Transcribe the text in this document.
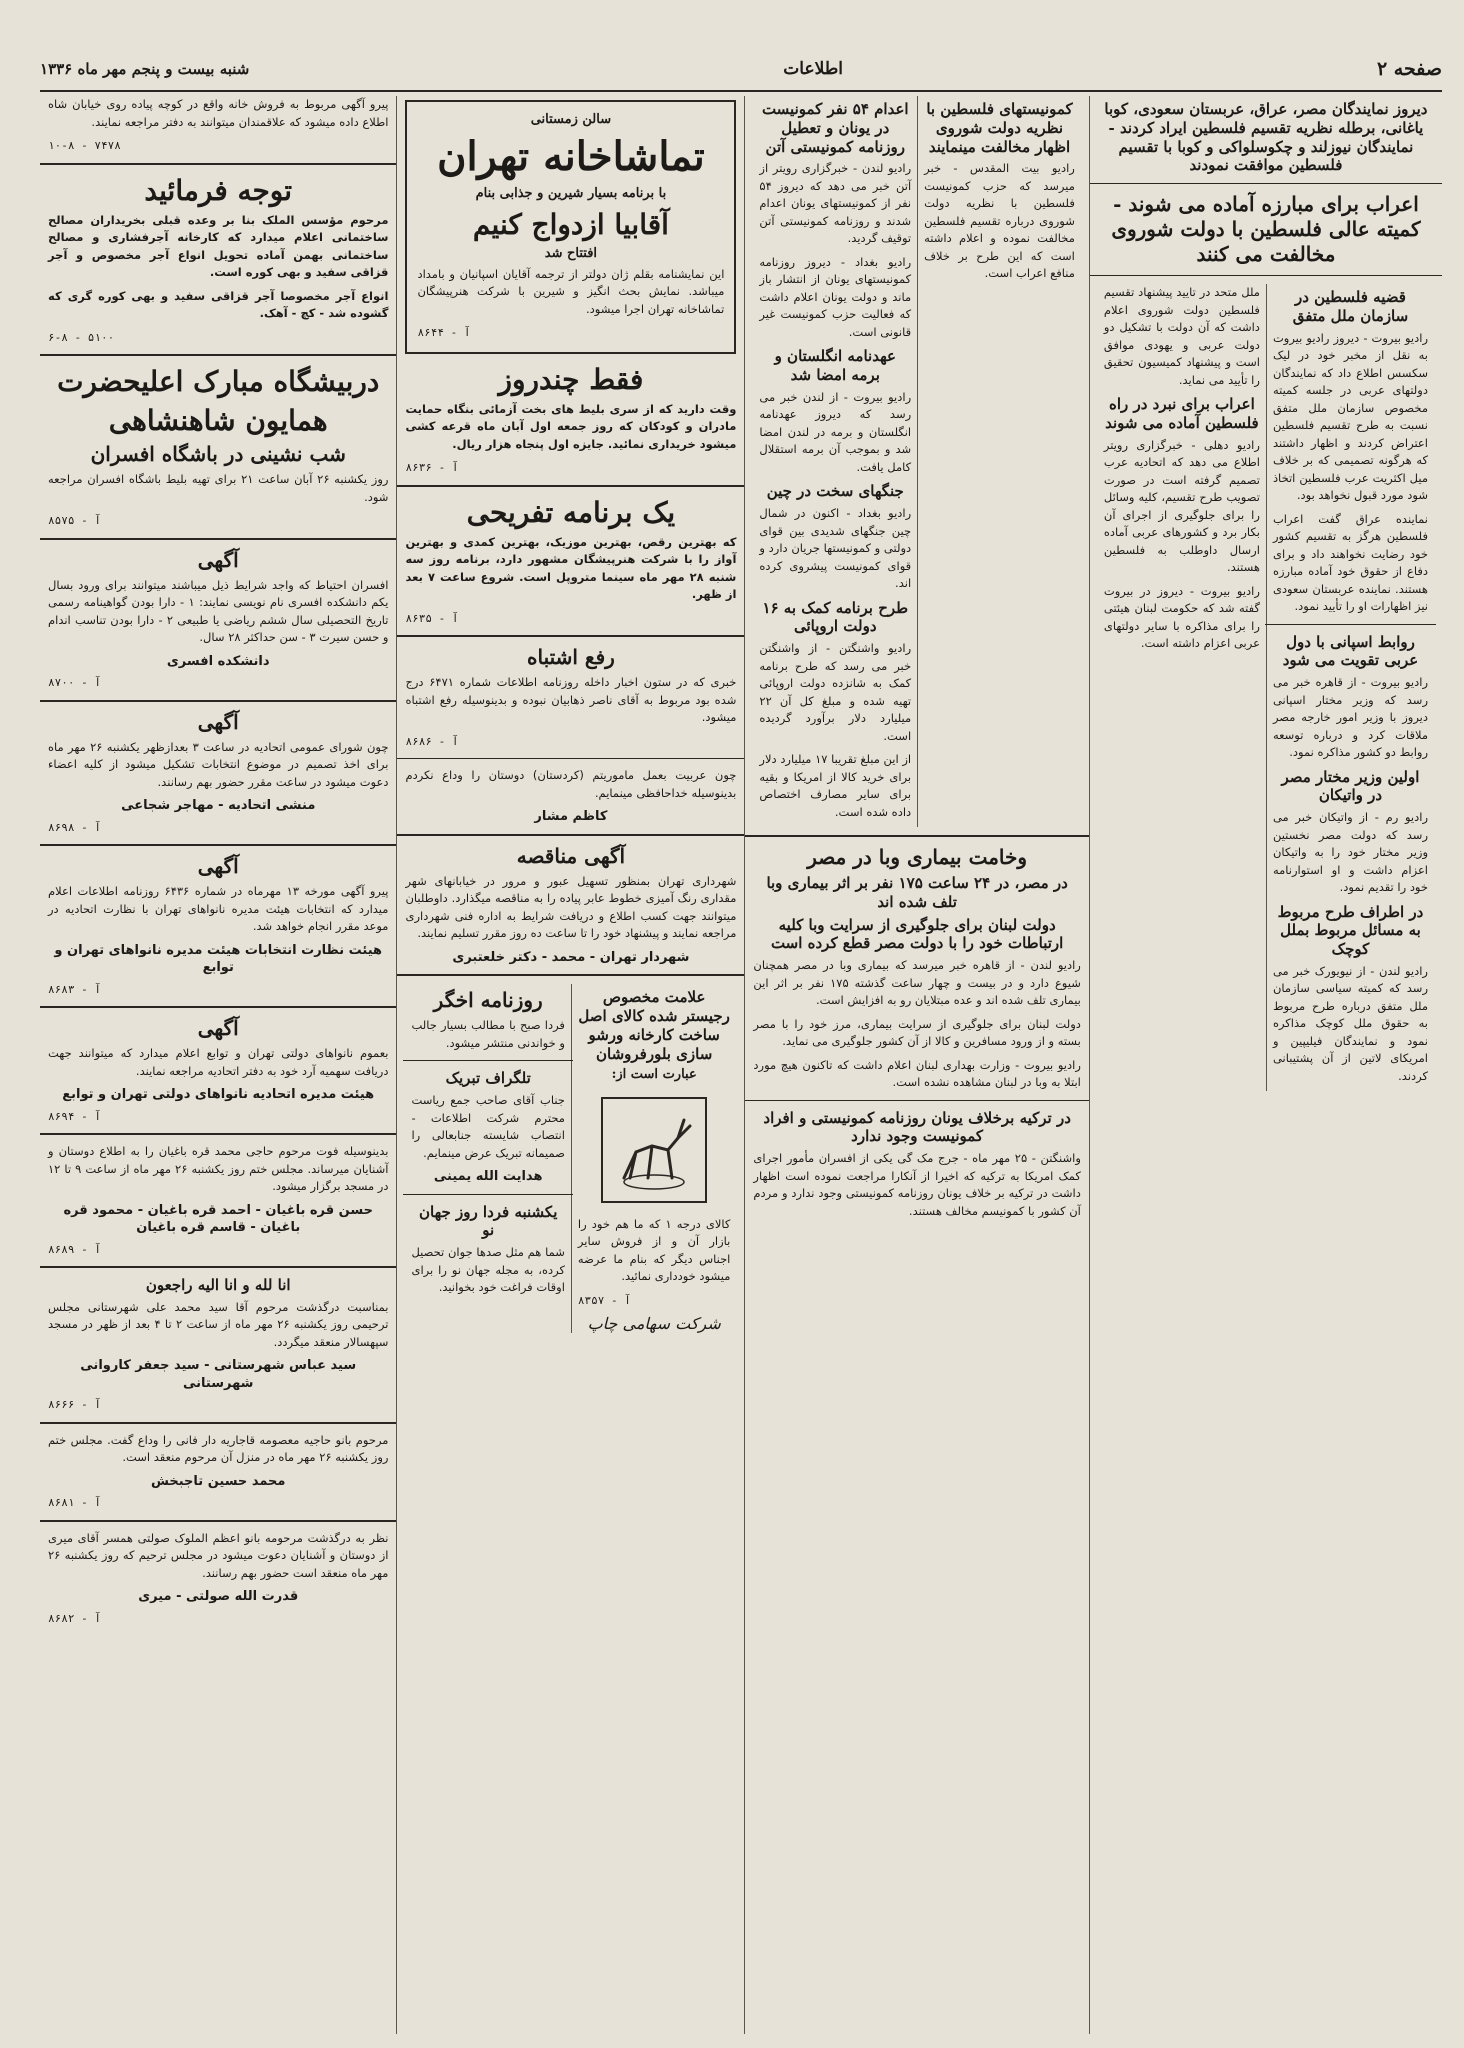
صفحه ۲
اطلاعات
شنبه بیست و پنجم مهر ماه ۱۳۳۶
دیروز نمایندگان مصر، عراق، عربستان سعودی، کوبا یاغانی، برطله نظریه تقسیم فلسطین ایراد کردند - نمایندگان نیوزلند و چکوسلواکی و کوبا با تقسیم فلسطین موافقت نمودند
اعراب برای مبارزه آماده می شوند - کمیته عالی فلسطین با دولت شوروی مخالفت می کنند
قضیه فلسطین در سازمان ملل متفق

رادیو بیروت - دیروز رادیو بیروت به نقل از مخبر خود در لیک سکسس اطلاع داد که نمایندگان دولتهای عربی در جلسه کمیته مخصوص سازمان ملل متفق نسبت به طرح تقسیم فلسطین اعتراض کردند و اظهار داشتند که هرگونه تصمیمی که بر خلاف میل اکثریت عرب فلسطین اتخاذ شود مورد قبول نخواهد بود.

نماینده عراق گفت اعراب فلسطین هرگز به تقسیم کشور خود رضایت نخواهند داد و برای دفاع از حقوق خود آماده مبارزه هستند. نماینده عربستان سعودی نیز اظهارات او را تأیید نمود.

روابط اسپانی با دول عربی تقویت می شود

رادیو بیروت - از قاهره خبر می رسد که وزیر مختار اسپانی دیروز با وزیر امور خارجه مصر ملاقات کرد و درباره توسعه روابط دو کشور مذاکره نمود.

اولین وزیر مختار مصر در واتیکان

رادیو رم - از واتیکان خبر می رسد که دولت مصر نخستین وزیر مختار خود را به واتیکان اعزام داشت و او استوارنامه خود را تقدیم نمود.

در اطراف طرح مربوط به مسائل مربوط بملل کوچک

رادیو لندن - از نیویورک خبر می رسد که کمیته سیاسی سازمان ملل متفق درباره طرح مربوط به حقوق ملل کوچک مذاکره نمود و نمایندگان فیلیپین و امریکای لاتین از آن پشتیبانی کردند.

ملل متحد در تایید پیشنهاد تقسیم فلسطین دولت شوروی اعلام داشت که آن دولت با تشکیل دو دولت عربی و یهودی موافق است و پیشنهاد کمیسیون تحقیق را تأیید می نماید.

اعراب برای نبرد در راه فلسطین آماده می شوند

رادیو دهلی - خبرگزاری رویتر اطلاع می دهد که اتحادیه عرب تصمیم گرفته است در صورت تصویب طرح تقسیم، کلیه وسائل را برای جلوگیری از اجرای آن بکار برد و کشورهای عربی آماده ارسال داوطلب به فلسطین هستند.

رادیو بیروت - دیروز در بیروت گفته شد که حکومت لبنان هیئتی را برای مذاکره با سایر دولتهای عربی اعزام داشته است.

کمونیستهای فلسطین با نظریه دولت شوروی اظهار مخالفت مینمایند

رادیو بیت المقدس - خبر میرسد که حزب کمونیست فلسطین با نظریه دولت شوروی درباره تقسیم فلسطین مخالفت نموده و اعلام داشته است که این طرح بر خلاف منافع اعراب است.

اعدام ۵۴ نفر کمونیست در یونان و تعطیل روزنامه کمونیستی آتن

رادیو لندن - خبرگزاری رویتر از آتن خبر می دهد که دیروز ۵۴ نفر از کمونیستهای یونان اعدام شدند و روزنامه کمونیستی آتن توقیف گردید.

رادیو بغداد - دیروز روزنامه کمونیستهای یونان از انتشار باز ماند و دولت یونان اعلام داشت که فعالیت حزب کمونیست غیر قانونی است.

عهدنامه انگلستان و برمه امضا شد

رادیو بیروت - از لندن خبر می رسد که دیروز عهدنامه انگلستان و برمه در لندن امضا شد و بموجب آن برمه استقلال کامل یافت.

جنگهای سخت در چین

رادیو بغداد - اکنون در شمال چین جنگهای شدیدی بین قوای دولتی و کمونیستها جریان دارد و قوای کمونیست پیشروی کرده اند.

طرح برنامه کمک به ۱۶ دولت اروپائی

رادیو واشنگتن - از واشنگتن خبر می رسد که طرح برنامه کمک به شانزده دولت اروپائی تهیه شده و مبلغ کل آن ۲۲ میلیارد دلار برآورد گردیده است.

از این مبلغ تقریبا ۱۷ میلیارد دلار برای خرید کالا از امریکا و بقیه برای سایر مصارف اختصاص داده شده است.

وخامت بیماری وبا در مصر
در مصر، در ۲۴ ساعت ۱۷۵ نفر بر اثر بیماری وبا تلف شده اند
دولت لبنان برای جلوگیری از سرایت وبا کلیه ارتباطات خود را با دولت مصر قطع کرده است

رادیو لندن - از قاهره خبر میرسد که بیماری وبا در مصر همچنان شیوع دارد و در بیست و چهار ساعت گذشته ۱۷۵ نفر بر اثر این بیماری تلف شده اند و عده مبتلایان رو به افزایش است.

دولت لبنان برای جلوگیری از سرایت بیماری، مرز خود را با مصر بسته و از ورود مسافرین و کالا از آن کشور جلوگیری می نماید.

رادیو بیروت - وزارت بهداری لبنان اعلام داشت که تاکنون هیچ مورد ابتلا به وبا در لبنان مشاهده نشده است.

در ترکیه برخلاف یونان روزنامه کمونیستی و افراد کمونیست وجود ندارد

واشنگتن - ۲۵ مهر ماه - جرج مک گی یکی از افسران مأمور اجرای کمک امریکا به ترکیه که اخیرا از آنکارا مراجعت نموده است اظهار داشت در ترکیه بر خلاف یونان روزنامه کمونیستی وجود ندارد و مردم آن کشور با کمونیسم مخالف هستند.

سالن زمستانی
تماشاخانه تهران
با برنامه بسیار شیرین و جذابی بنام
آقابیا ازدواج کنیم
افتتاح شد

این نمایشنامه بقلم ژان دولتر از ترجمه آقایان اسپانیان و بامداد میباشد. نمایش بحث انگیز و شیرین با شرکت هنرپیشگان تماشاخانه تهران اجرا میشود.

آ - ۸۶۴۴
فقط چندروز

وقت دارید که از سری بلیط های بخت آزمائی بنگاه حمایت مادران و کودکان که روز جمعه اول آبان ماه قرعه کشی میشود خریداری نمائید. جایزه اول پنجاه هزار ریال.

آ - ۸۶۳۶
یک برنامه تفریحی

که بهترین رقص، بهترین موزیک، بهترین کمدی و بهترین آواز را با شرکت هنرپیشگان مشهور دارد، برنامه روز سه شنبه ۲۸ مهر ماه سینما متروپل است. شروع ساعت ۷ بعد از ظهر.

آ - ۸۶۳۵
رفع اشتباه

خبری که در ستون اخبار داخله روزنامه اطلاعات شماره ۶۴۷۱ درج شده بود مربوط به آقای ناصر ذهابیان نبوده و بدینوسیله رفع اشتباه میشود.

آ - ۸۶۸۶

چون عربیت بعمل ماموریتم (کردستان) دوستان را وداع نکردم بدینوسیله خداحافظی مینمایم.

کاظم مشار
آگهی مناقصه

شهرداری تهران بمنظور تسهیل عبور و مرور در خیابانهای شهر مقداری رنگ آمیزی خطوط عابر پیاده را به مناقصه میگذارد. داوطلبان میتوانند جهت کسب اطلاع و دریافت شرایط به اداره فنی شهرداری مراجعه نمایند و پیشنهاد خود را تا ساعت ده روز مقرر تسلیم نمایند.

شهردار تهران - محمد - دکتر خلعتبری
علامت مخصوص رجیستر شده کالای اصل ساخت کارخانه ورشو سازی بلورفروشان
عبارت است از:

کالای درجه ۱ که ما هم خود را بازار آن و از فروش سایر اجناس دیگر که بنام ما عرضه میشود خودداری نمائید.

آ - ۸۳۵۷
شرکت سهامی چاپ
روزنامه اخگر

فردا صبح با مطالب بسیار جالب و خواندنی منتشر میشود.

تلگراف تبریک

جناب آقای صاحب جمع ریاست محترم شرکت اطلاعات - انتصاب شایسته جنابعالی را صمیمانه تبریک عرض مینمایم.

هدایت الله یمینی
یکشنبه فردا روز جهان نو

شما هم مثل صدها جوان تحصیل کرده، به مجله جهان نو را برای اوقات فراغت خود بخوانید.

پیرو آگهی مربوط به فروش خانه واقع در کوچه پیاده روی خیابان شاه اطلاع داده میشود که علاقمندان میتوانند به دفتر مراجعه نمایند.

۱۰-۸ - ۷۴۷۸
توجه فرمائید

مرحوم مؤسس الملک بنا بر وعده قبلی بخریداران مصالح ساختمانی اعلام میدارد که کارخانه آجرفشاری و مصالح ساختمانی بهمن آماده تحویل انواع آجر مخصوص و آجر قزاقی سفید و بهی کوره است.

انواع آجر مخصوصا آجر قزاقی سفید و بهی کوره گری که گشوده شد - کچ - آهک.

۶-۸ - ۵۱۰۰
دربیشگاه مبارک اعلیحضرت
همایون شاهنشاهی
شب نشینی در باشگاه افسران

روز یکشنبه ۲۶ آبان ساعت ۲۱ برای تهیه بلیط باشگاه افسران مراجعه شود.

آ - ۸۵۷۵
آگهی

افسران احتیاط که واجد شرایط ذیل میباشند میتوانند برای ورود بسال یکم دانشکده افسری نام نویسی نمایند: ۱ - دارا بودن گواهینامه رسمی تاریخ التحصیلی سال ششم ریاضی یا طبیعی ۲ - دارا بودن تناسب اندام و حسن سیرت ۳ - سن حداکثر ۲۸ سال.

دانشکده افسری
آ - ۸۷۰۰
آگهی

چون شورای عمومی اتحادیه در ساعت ۳ بعدازظهر یکشنبه ۲۶ مهر ماه برای اخذ تصمیم در موضوع انتخابات تشکیل میشود از کلیه اعضاء دعوت میشود در ساعت مقرر حضور بهم رسانند.

منشی اتحادیه - مهاجر شجاعی
آ - ۸۶۹۸
آگهی

پیرو آگهی مورخه ۱۳ مهرماه در شماره ۶۴۳۶ روزنامه اطلاعات اعلام میدارد که انتخابات هیئت مدیره نانواهای تهران با نظارت اتحادیه در موعد مقرر انجام خواهد شد.

هیئت نظارت انتخابات هیئت مدیره نانواهای تهران و توابع
آ - ۸۶۸۳
آگهی

بعموم نانواهای دولتی تهران و توابع اعلام میدارد که میتوانند جهت دریافت سهمیه آرد خود به دفتر اتحادیه مراجعه نمایند.

هیئت مدیره اتحادیه نانواهای دولتی تهران و توابع
آ - ۸۶۹۴

بدینوسیله فوت مرحوم حاجی محمد قره باغیان را به اطلاع دوستان و آشنایان میرساند. مجلس ختم روز یکشنبه ۲۶ مهر ماه از ساعت ۹ تا ۱۲ در مسجد برگزار میشود.

حسن قره باغیان - احمد قره باغیان - محمود قره باغیان - قاسم قره باغیان
آ - ۸۶۸۹
انا لله و انا الیه راجعون

بمناسبت درگذشت مرحوم آقا سید محمد علی شهرستانی مجلس ترحیمی روز یکشنبه ۲۶ مهر ماه از ساعت ۲ تا ۴ بعد از ظهر در مسجد سپهسالار منعقد میگردد.

سید عباس شهرستانی - سید جعفر کاروانی شهرستانی
آ - ۸۶۶۶

مرحوم بانو حاجیه معصومه قاجاریه دار فانی را وداع گفت. مجلس ختم روز یکشنبه ۲۶ مهر ماه در منزل آن مرحوم منعقد است.

محمد حسین تاجبخش
آ - ۸۶۸۱

نظر به درگذشت مرحومه بانو اعظم الملوک صولتی همسر آقای میری از دوستان و آشنایان دعوت میشود در مجلس ترحیم که روز یکشنبه ۲۶ مهر ماه منعقد است حضور بهم رسانند.

قدرت الله صولتی - میری
آ - ۸۶۸۲
